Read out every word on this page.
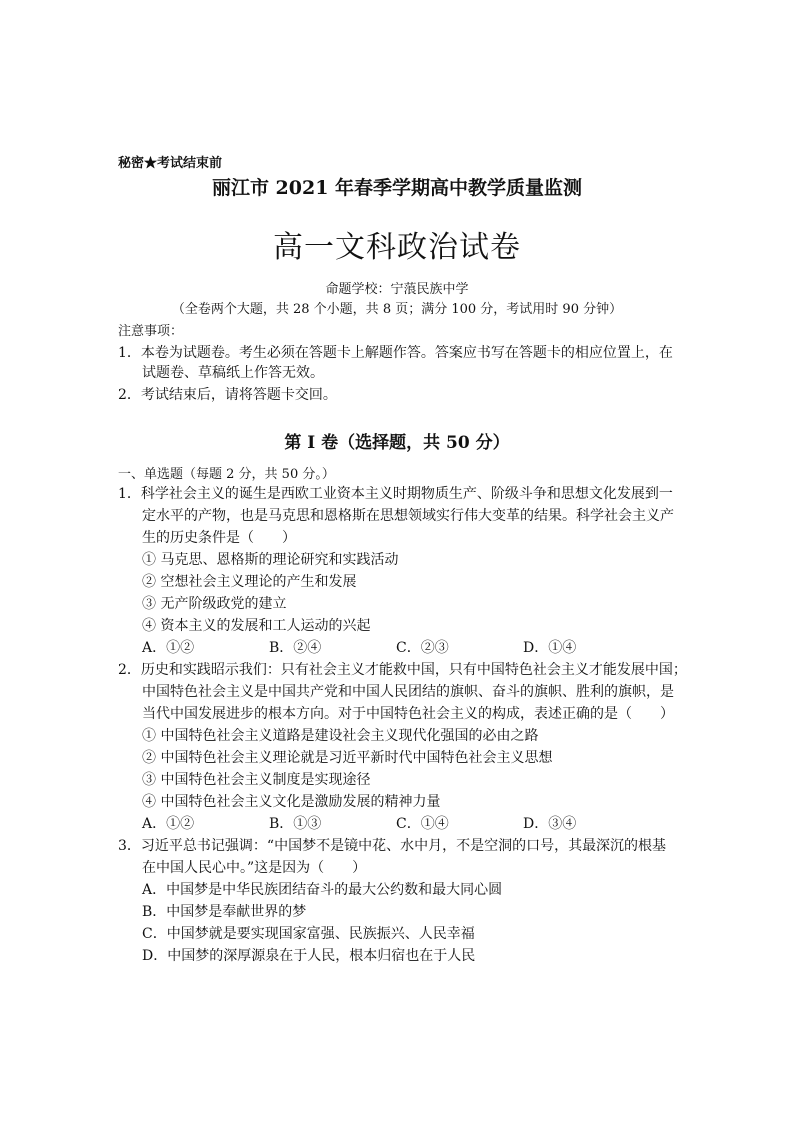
秘密★考试结束前
丽江市 2021 年春季学期高中教学质量监测
高一文科政治试卷
命题学校：宁蒗民族中学
（全卷两个大题，共 28 个小题，共 8 页；满分 100 分，考试用时 90 分钟）
注意事项：
1．本卷为试题卷。考生必须在答题卡上解题作答。答案应书写在答题卡的相应位置上，在
试题卷、草稿纸上作答无效。
2．考试结束后，请将答题卡交回。
第 I 卷（选择题，共 50 分）
一、单选题（每题 2 分，共 50 分。）
1．科学社会主义的诞生是西欧工业资本主义时期物质生产、阶级斗争和思想文化发展到一
定水平的产物，也是马克思和恩格斯在思想领域实行伟大变革的结果。科学社会主义产
生的历史条件是（　　）
① 马克思、恩格斯的理论研究和实践活动
② 空想社会主义理论的产生和发展
③ 无产阶级政党的建立
④ 资本主义的发展和工人运动的兴起
A．①②	B．②④	C．②③	D．①④
2．历史和实践昭示我们：只有社会主义才能救中国，只有中国特色社会主义才能发展中国；
中国特色社会主义是中国共产党和中国人民团结的旗帜、奋斗的旗帜、胜利的旗帜，是
当代中国发展进步的根本方向。对于中国特色社会主义的构成，表述正确的是（　　）
① 中国特色社会主义道路是建设社会主义现代化强国的必由之路
② 中国特色社会主义理论就是习近平新时代中国特色社会主义思想
③ 中国特色社会主义制度是实现途径
④ 中国特色社会主义文化是激励发展的精神力量
A．①②	B．①③	C．①④	D．③④
3．习近平总书记强调：“中国梦不是镜中花、水中月，不是空洞的口号，其最深沉的根基
在中国人民心中。”这是因为（　　）
A．中国梦是中华民族团结奋斗的最大公约数和最大同心圆
B．中国梦是奉献世界的梦
C．中国梦就是要实现国家富强、民族振兴、人民幸福
D．中国梦的深厚源泉在于人民，根本归宿也在于人民
